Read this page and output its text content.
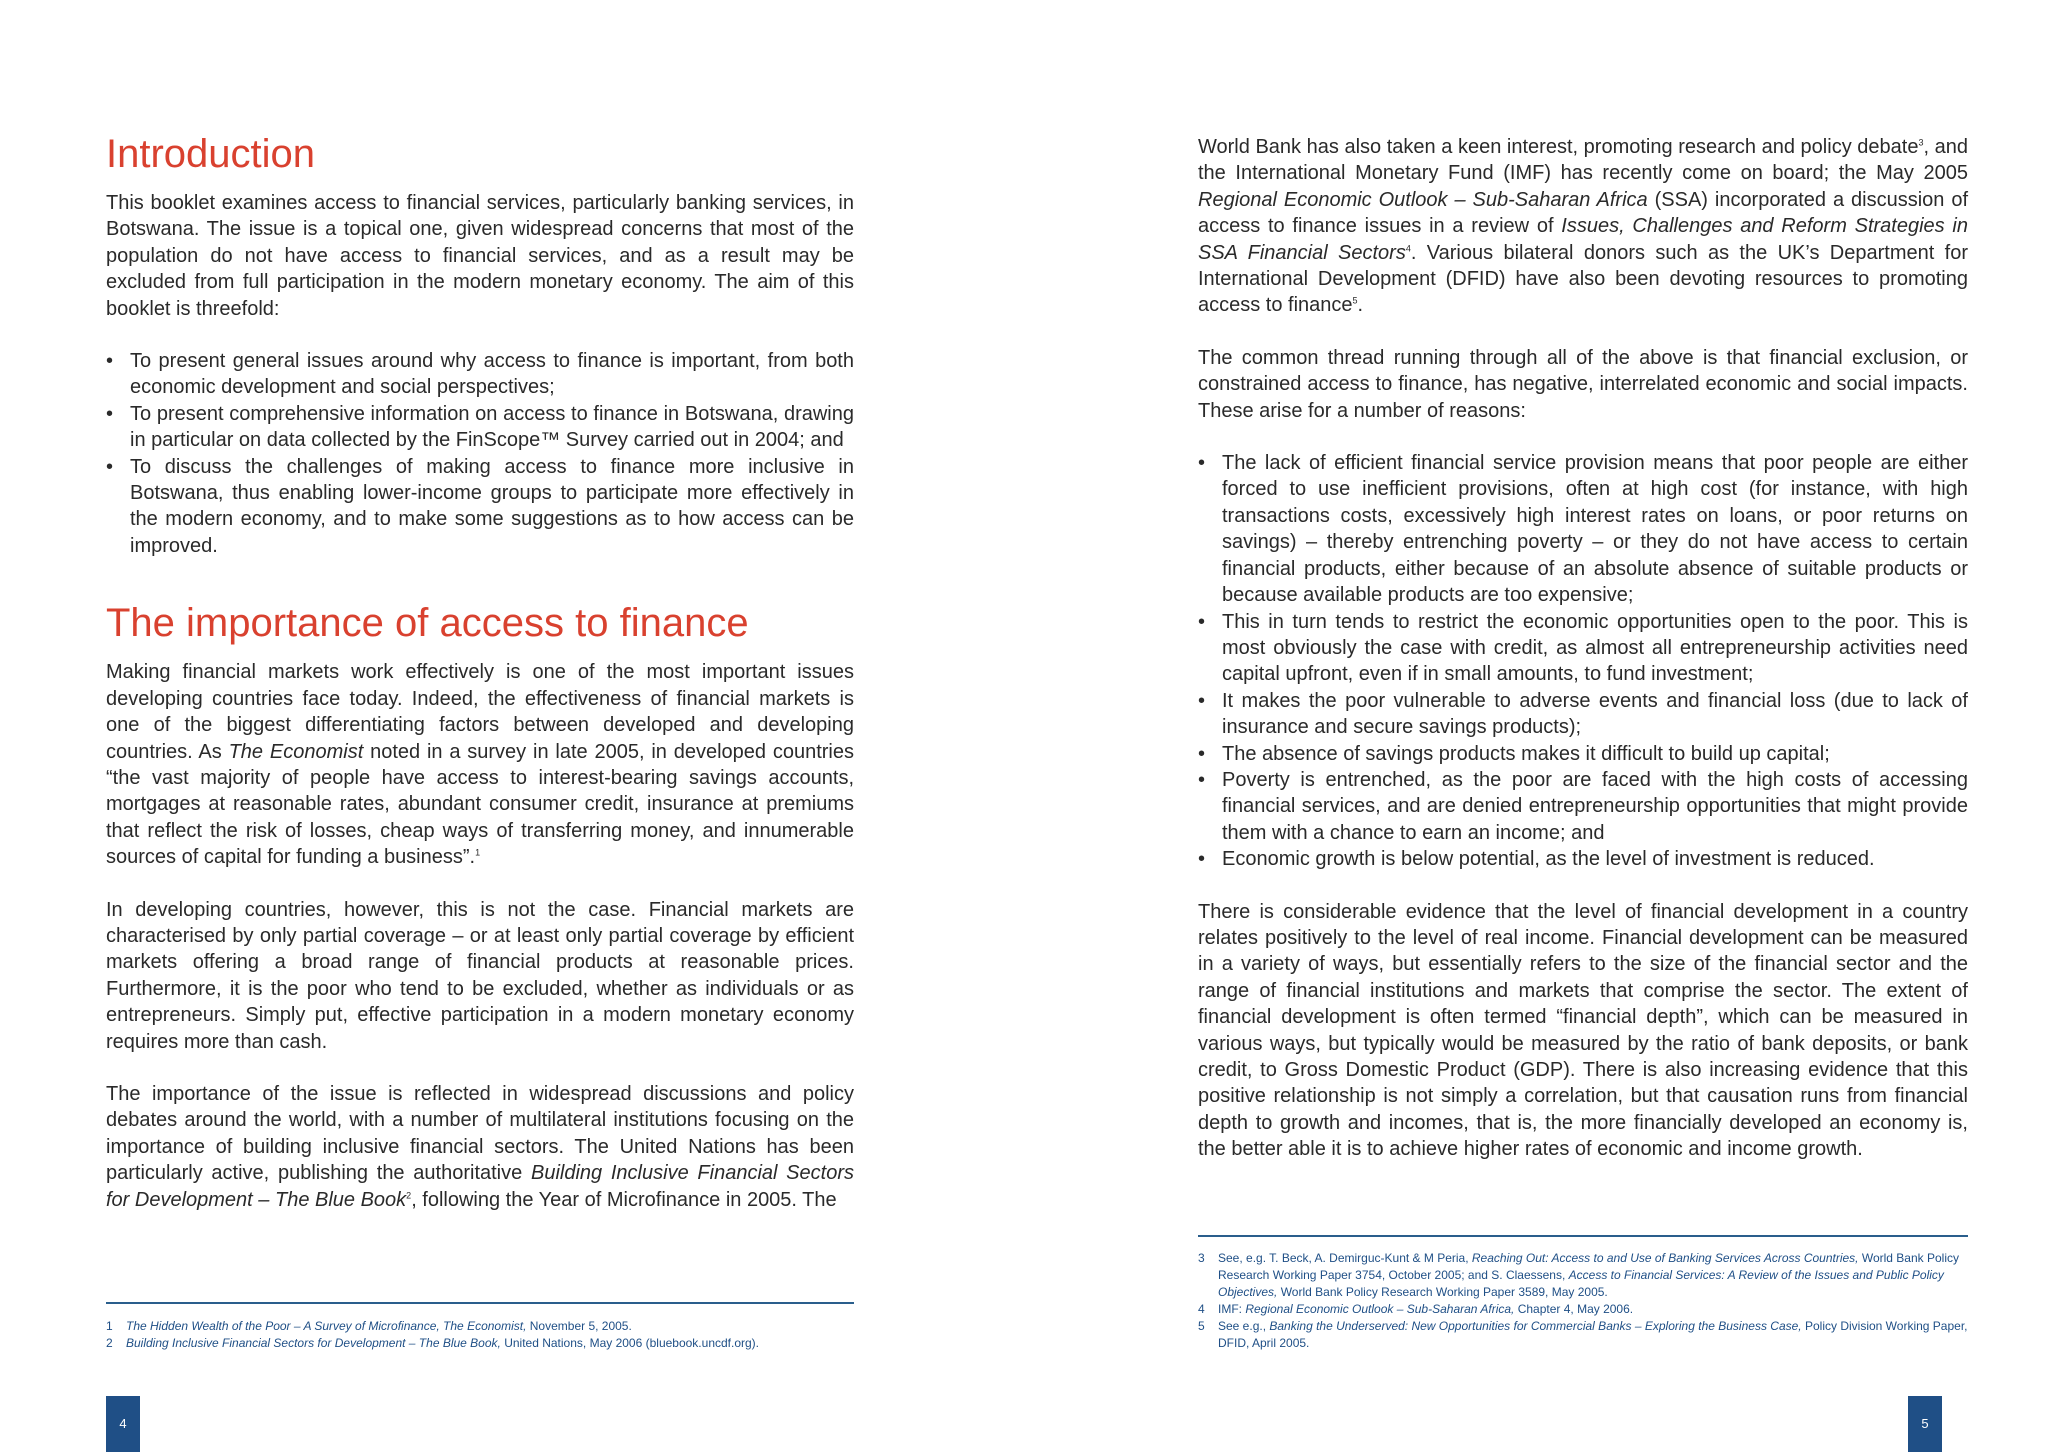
Introduction

This booklet examines access to financial services, particularly banking services, in Botswana. The issue is a topical one, given widespread concerns that most of the population do not have access to financial services, and as a result may be excluded from full participation in the modern monetary economy. The aim of this booklet is threefold:

• To present general issues around why access to finance is important, from both economic development and social perspectives;
• To present comprehensive information on access to finance in Botswana, drawing in particular on data collected by the FinScope™ Survey carried out in 2004; and
• To discuss the challenges of making access to finance more inclusive in Botswana, thus enabling lower-income groups to participate more effectively in the modern economy, and to make some suggestions as to how access can be improved.
The importance of access to finance

Making financial markets work effectively is one of the most important issues developing countries face today. Indeed, the effectiveness of financial markets is one of the biggest differentiating factors between developed and developing countries. As The Economist noted in a survey in late 2005, in developed countries “the vast majority of people have access to interest-bearing savings accounts, mortgages at reasonable rates, abundant consumer credit, insurance at premiums that reflect the risk of losses, cheap ways of transferring money, and innumerable sources of capital for funding a business”.$^1$

In developing countries, however, this is not the case. Financial markets are characterised by only partial coverage – or at least only partial coverage by efficient markets offering a broad range of financial products at reasonable prices. Furthermore, it is the poor who tend to be excluded, whether as individuals or as entrepreneurs. Simply put, effective participation in a modern monetary economy requires more than cash.

The importance of the issue is reflected in widespread discussions and policy debates around the world, with a number of multilateral institutions focusing on the importance of building inclusive financial sectors. The United Nations has been particularly active, publishing the authoritative Building Inclusive Financial Sectors for Development – The Blue Book$^2$, following the Year of Microfinance in 2005. The

1 The Hidden Wealth of the Poor – A Survey of Microfinance, The Economist, November 5, 2005.
2 Building Inclusive Financial Sectors for Development – The Blue Book, United Nations, May 2006 (bluebook.uncdf.org).
4

World Bank has also taken a keen interest, promoting research and policy debate$^3$, and the International Monetary Fund (IMF) has recently come on board; the May 2005 Regional Economic Outlook – Sub-Saharan Africa (SSA) incorporated a discussion of access to finance issues in a review of Issues, Challenges and Reform Strategies in SSA Financial Sectors$^4$. Various bilateral donors such as the UK’s Department for International Development (DFID) have also been devoting resources to promoting access to finance$^5$.

The common thread running through all of the above is that financial exclusion, or constrained access to finance, has negative, interrelated economic and social impacts. These arise for a number of reasons:

• The lack of efficient financial service provision means that poor people are either forced to use inefficient provisions, often at high cost (for instance, with high transactions costs, excessively high interest rates on loans, or poor returns on savings) – thereby entrenching poverty – or they do not have access to certain financial products, either because of an absolute absence of suitable products or because available products are too expensive;
• This in turn tends to restrict the economic opportunities open to the poor. This is most obviously the case with credit, as almost all entrepreneurship activities need capital upfront, even if in small amounts, to fund investment;
• It makes the poor vulnerable to adverse events and financial loss (due to lack of insurance and secure savings products);
• The absence of savings products makes it difficult to build up capital;
• Poverty is entrenched, as the poor are faced with the high costs of accessing financial services, and are denied entrepreneurship opportunities that might provide them with a chance to earn an income; and
• Economic growth is below potential, as the level of investment is reduced.

There is considerable evidence that the level of financial development in a country relates positively to the level of real income. Financial development can be measured in a variety of ways, but essentially refers to the size of the financial sector and the range of financial institutions and markets that comprise the sector. The extent of financial development is often termed “financial depth”, which can be measured in various ways, but typically would be measured by the ratio of bank deposits, or bank credit, to Gross Domestic Product (GDP). There is also increasing evidence that this positive relationship is not simply a correlation, but that causation runs from financial depth to growth and incomes, that is, the more financially developed an economy is, the better able it is to achieve higher rates of economic and income growth.

3 See, e.g. T. Beck, A. Demirguc-Kunt & M Peria, Reaching Out: Access to and Use of Banking Services Across Countries, World Bank Policy Research Working Paper 3754, October 2005; and S. Claessens, Access to Financial Services: A Review of the Issues and Public Policy Objectives, World Bank Policy Research Working Paper 3589, May 2005.
4 IMF: Regional Economic Outlook – Sub-Saharan Africa, Chapter 4, May 2006.
5 See e.g., Banking the Underserved: New Opportunities for Commercial Banks – Exploring the Business Case, Policy Division Working Paper, DFID, April 2005.
5
